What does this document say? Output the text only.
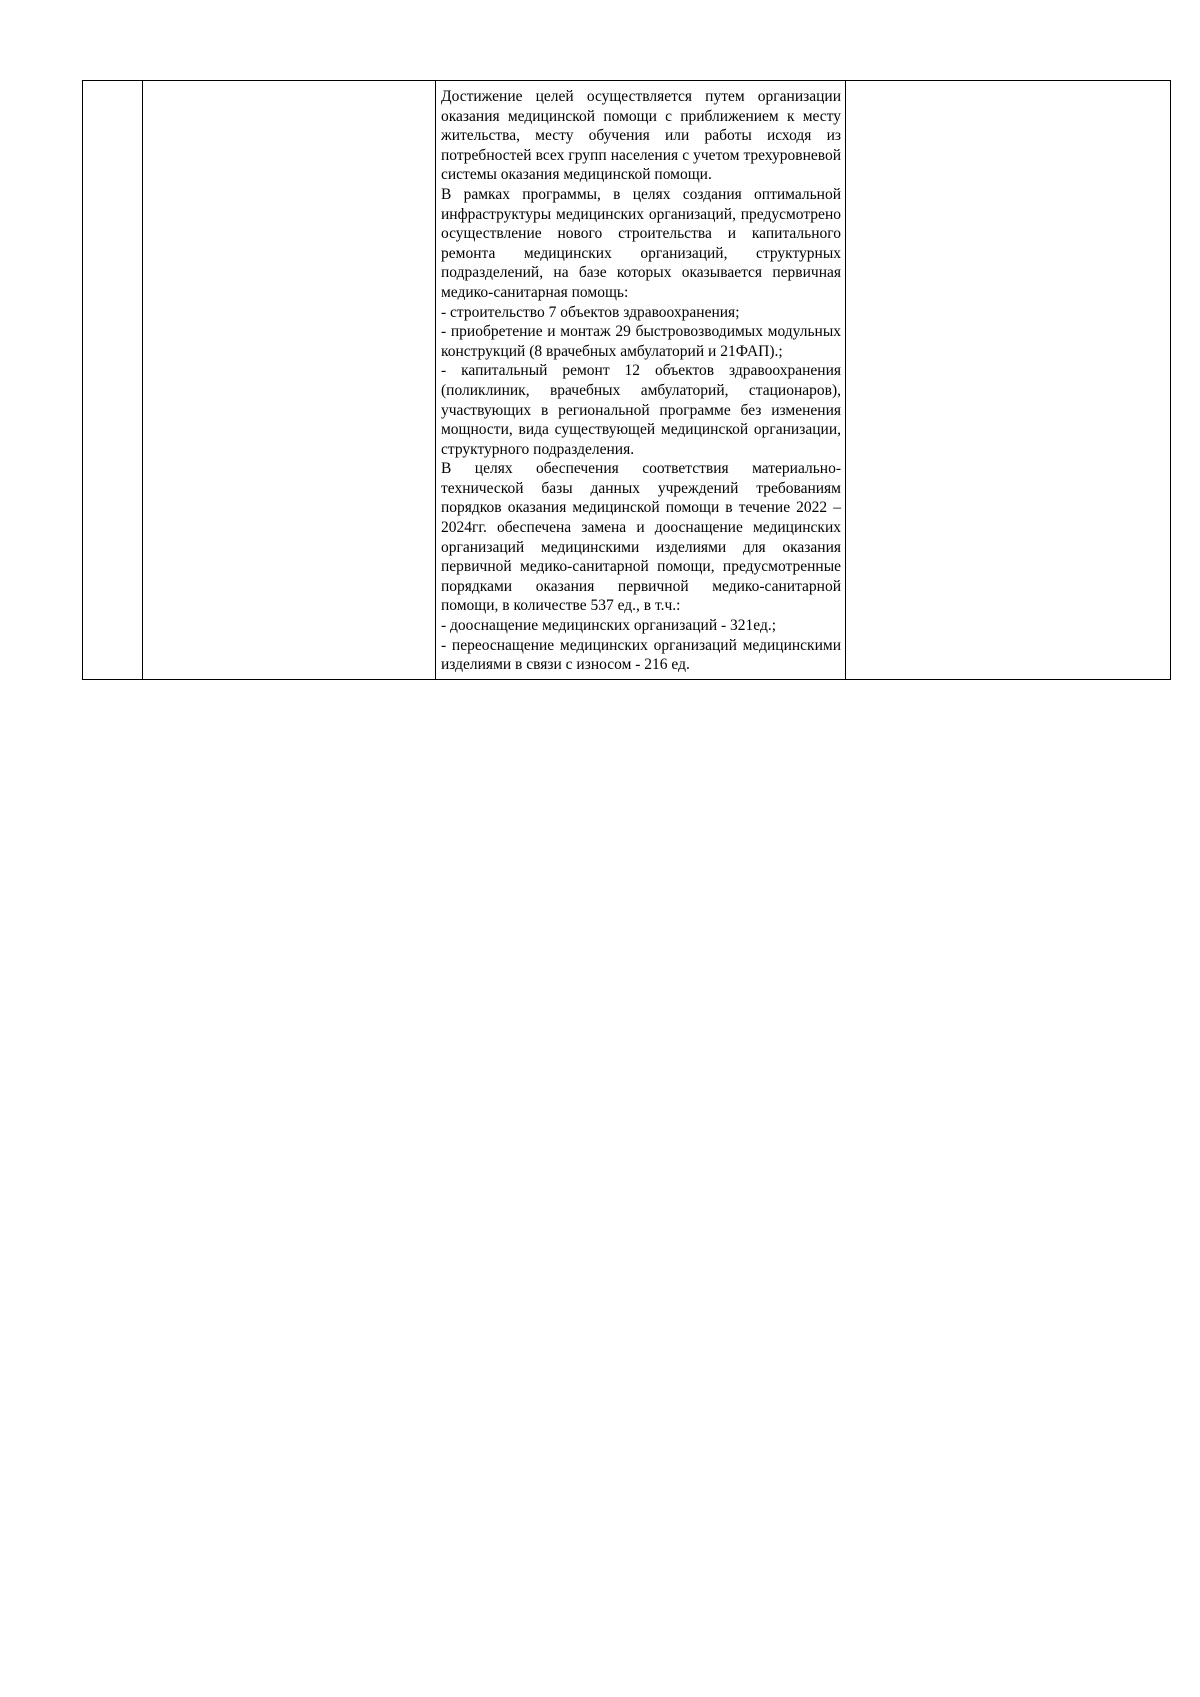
Достижение целей осуществляется путем организации оказания медицинской помощи с приближением к месту жительства, месту обучения или работы исходя из потребностей всех групп населения с учетом трехуровневой системы оказания медицинской помощи.

В рамках программы, в целях создания оптимальной инфраструктуры медицинских организаций, предусмотрено осуществление нового строительства и капитального ремонта медицинских организаций, структурных подразделений, на базе которых оказывается первичная медико-санитарная помощь:

- строительство 7 объектов здравоохранения;

- приобретение и монтаж 29 быстровозводимых модульных конструкций (8 врачебных амбулаторий и 21ФАП).;

- капитальный ремонт 12 объектов здравоохранения (поликлиник, врачебных амбулаторий, стационаров), участвующих в региональной программе без изменения мощности, вида существующей медицинской организации, структурного подразделения.

В целях обеспечения соответствия материально-технической базы данных учреждений требованиям порядков оказания медицинской помощи в течение 2022 –2024гг. обеспечена замена и дооснащение медицинских организаций медицинскими изделиями для оказания первичной медико-санитарной помощи, предусмотренные порядками оказания первичной медико-санитарной помощи, в количестве 537 ед., в т.ч.:

- дооснащение медицинских организаций - 321ед.;

- переоснащение медицинских организаций медицинскими изделиями в связи с износом - 216 ед.
